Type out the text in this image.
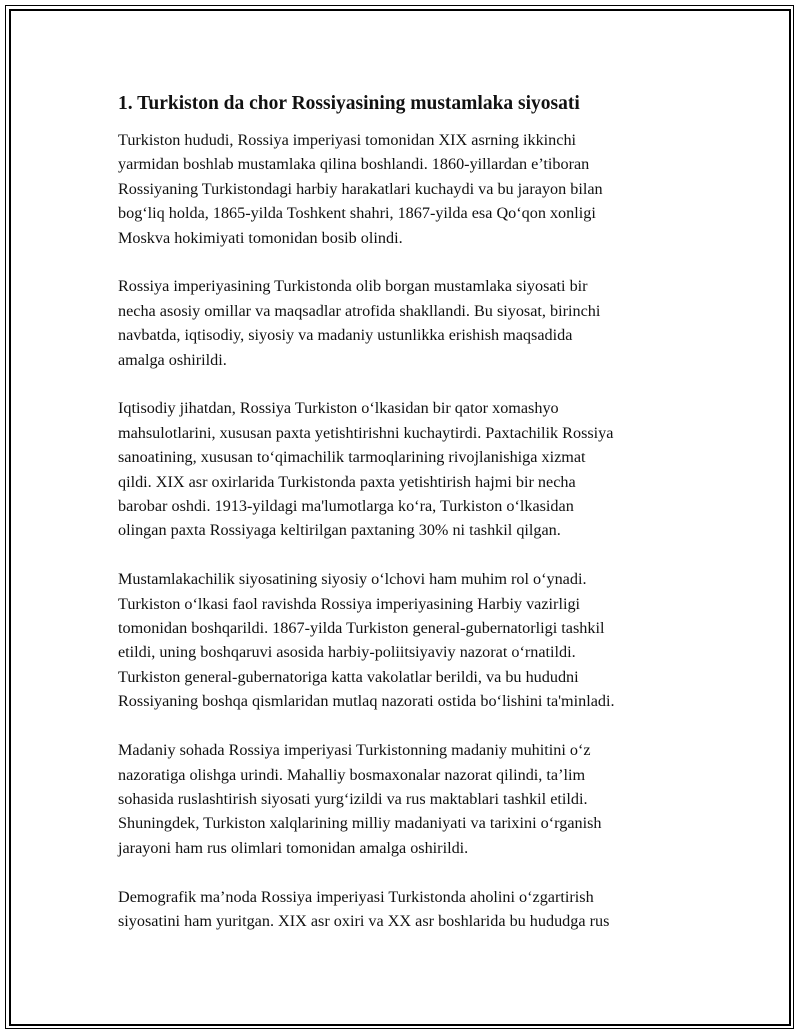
1. Turkiston da chor Rossiyasining mustamlaka siyosati

Turkiston hududi, Rossiya imperiyasi tomonidan XIX asrning ikkinchi
yarmidan boshlab mustamlaka qilina boshlandi. 1860-yillardan e’tiboran
Rossiyaning Turkistondagi harbiy harakatlari kuchaydi va bu jarayon bilan
bog‘liq holda, 1865-yilda Toshkent shahri, 1867-yilda esa Qo‘qon xonligi
Moskva hokimiyati tomonidan bosib olindi.

Rossiya imperiyasining Turkistonda olib borgan mustamlaka siyosati bir
necha asosiy omillar va maqsadlar atrofida shakllandi. Bu siyosat, birinchi
navbatda, iqtisodiy, siyosiy va madaniy ustunlikka erishish maqsadida
amalga oshirildi.

Iqtisodiy jihatdan, Rossiya Turkiston o‘lkasidan bir qator xomashyo
mahsulotlarini, xususan paxta yetishtirishni kuchaytirdi. Paxtachilik Rossiya
sanoatining, xususan to‘qimachilik tarmoqlarining rivojlanishiga xizmat
qildi. XIX asr oxirlarida Turkistonda paxta yetishtirish hajmi bir necha
barobar oshdi. 1913-yildagi ma'lumotlarga ko‘ra, Turkiston o‘lkasidan
olingan paxta Rossiyaga keltirilgan paxtaning 30% ni tashkil qilgan.

Mustamlakachilik siyosatining siyosiy o‘lchovi ham muhim rol o‘ynadi.
Turkiston o‘lkasi faol ravishda Rossiya imperiyasining Harbiy vazirligi
tomonidan boshqarildi. 1867-yilda Turkiston general-gubernatorligi tashkil
etildi, uning boshqaruvi asosida harbiy-poliitsiyaviy nazorat o‘rnatildi.
Turkiston general-gubernatoriga katta vakolatlar berildi, va bu hududni
Rossiyaning boshqa qismlaridan mutlaq nazorati ostida bo‘lishini ta'minladi.

Madaniy sohada Rossiya imperiyasi Turkistonning madaniy muhitini o‘z
nazoratiga olishga urindi. Mahalliy bosmaxonalar nazorat qilindi, ta’lim
sohasida ruslashtirish siyosati yurg‘izildi va rus maktablari tashkil etildi.
Shuningdek, Turkiston xalqlarining milliy madaniyati va tarixini o‘rganish
jarayoni ham rus olimlari tomonidan amalga oshirildi.

Demografik ma’noda Rossiya imperiyasi Turkistonda aholini o‘zgartirish
siyosatini ham yuritgan. XIX asr oxiri va XX asr boshlarida bu hududga rus
